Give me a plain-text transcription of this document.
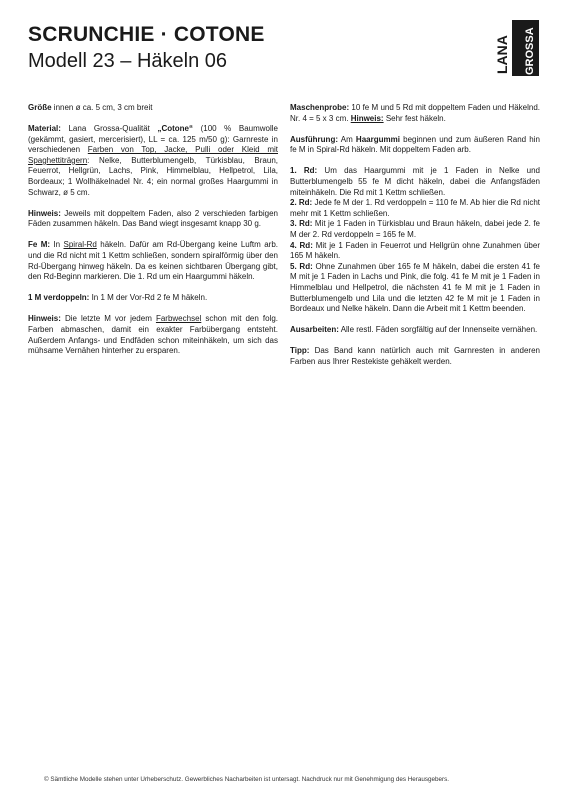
SCRUNCHIE · COTONE
Modell 23 – Häkeln 06	LANA GROSSA

Größe innen ø ca. 5 cm, 3 cm breit

Material: Lana Grossa-Qualität „Cotone“ (100 % Baumwolle (gekämmt, gasiert, mercerisiert), LL = ca. 125 m/50 g): Garnreste in verschiedenen Farben von Top, Jacke, Pulli oder Kleid mit Spaghettiträgern: Nelke, Butterblumengelb, Türkisblau, Braun, Feuerrot, Hellgrün, Lachs, Pink, Himmelblau, Hellpetrol, Lila, Bordeaux; 1 Wollhäkelnadel Nr. 4; ein normal großes Haargummi in Schwarz, ø 5 cm.

Hinweis: Jeweils mit doppeltem Faden, also 2 verschieden farbigen Fäden zusammen häkeln. Das Band wiegt insgesamt knapp 30 g.

Fe M: In Spiral-Rd häkeln. Dafür am Rd-Übergang keine Luftm arb. und die Rd nicht mit 1 Kettm schließen, sondern spiralförmig über den Rd-Übergang hinweg häkeln. Da es keinen sichtbaren Übergang gibt, den Rd-Beginn markieren. Die 1. Rd um ein Haargummi häkeln.

1 M verdoppeln: In 1 M der Vor-Rd 2 fe M häkeln.

Hinweis: Die letzte M vor jedem Farbwechsel schon mit den folg. Farben abmaschen, damit ein exakter Farbübergang entsteht. Außerdem Anfangs- und Endfäden schon miteinhäkeln, um sich das mühsame Vernähen hinterher zu ersparen.

Maschenprobe: 10 fe M und 5 Rd mit doppeltem Faden und Häkelnd. Nr. 4 = 5 x 3 cm. Hinweis: Sehr fest häkeln.

Ausführung: Am Haargummi beginnen und zum äußeren Rand hin fe M in Spiral-Rd häkeln. Mit doppeltem Faden arb.

1. Rd: Um das Haargummi mit je 1 Faden in Nelke und Butterblumengelb 55 fe M dicht häkeln, dabei die Anfangsfäden miteinhäkeln. Die Rd mit 1 Kettm schließen.
2. Rd: Jede fe M der 1. Rd verdoppeln = 110 fe M. Ab hier die Rd nicht mehr mit 1 Kettm schließen.
3. Rd: Mit je 1 Faden in Türkisblau und Braun häkeln, dabei jede 2. fe M der 2. Rd verdoppeln = 165 fe M.
4. Rd: Mit je 1 Faden in Feuerrot und Hellgrün ohne Zunahmen über 165 M häkeln.
5. Rd: Ohne Zunahmen über 165 fe M häkeln, dabei die ersten 41 fe M mit je 1 Faden in Lachs und Pink, die folg. 41 fe M mit je 1 Faden in Himmelblau und Hellpetrol, die nächsten 41 fe M mit je 1 Faden in Butterblumengelb und Lila und die letzten 42 fe M mit je 1 Faden in Bordeaux und Nelke häkeln. Dann die Arbeit mit 1 Kettm beenden.

Ausarbeiten: Alle restl. Fäden sorgfältig auf der Innenseite vernähen.

Tipp: Das Band kann natürlich auch mit Garnresten in anderen Farben aus Ihrer Restekiste gehäkelt werden.

© Sämtliche Modelle stehen unter Urheberschutz. Gewerbliches Nacharbeiten ist untersagt. Nachdruck nur mit Genehmigung des Herausgebers.
